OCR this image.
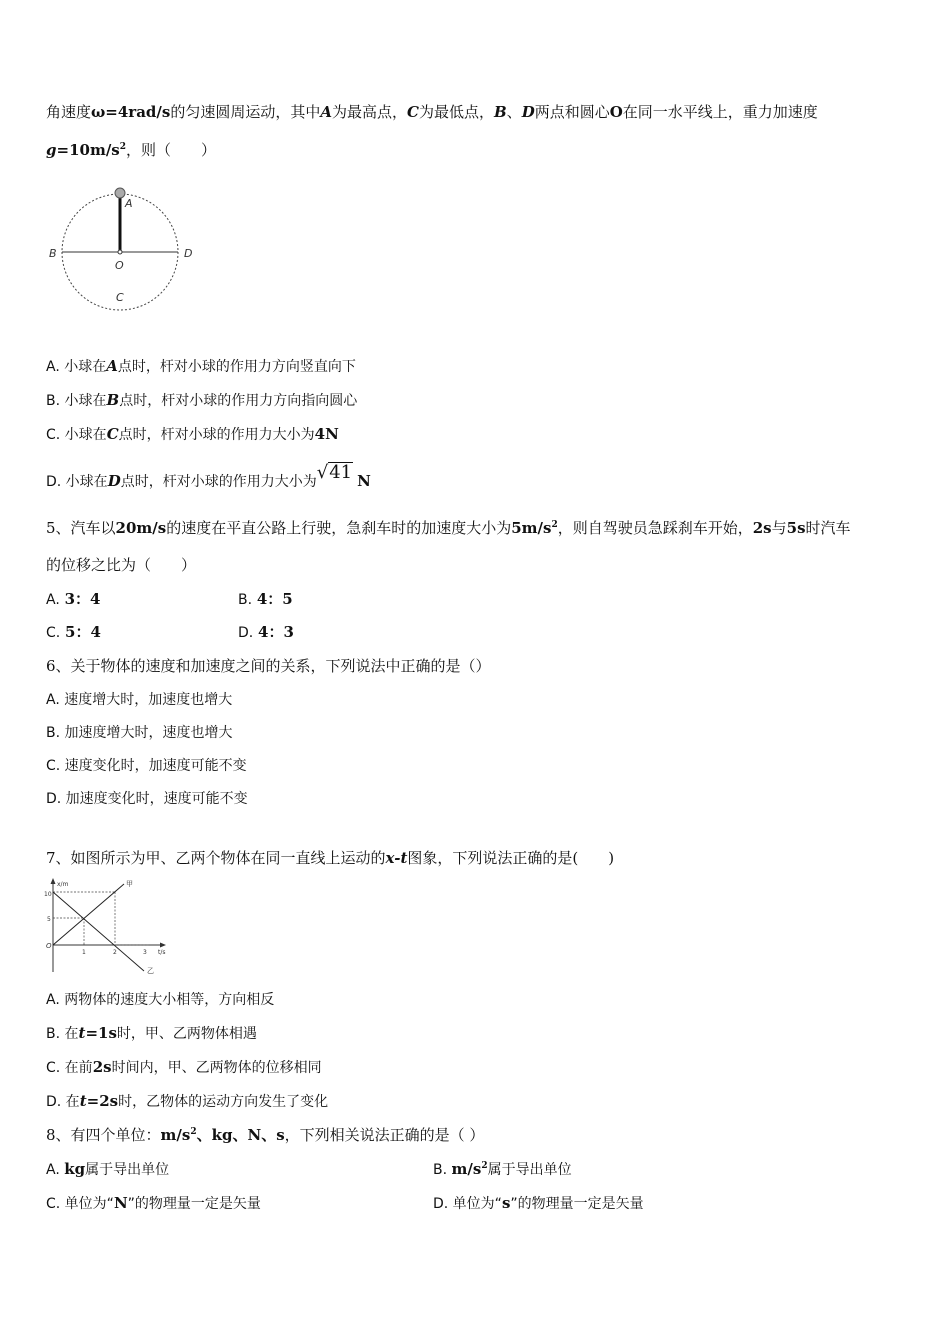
角速度ω=4rad/s的匀速圆周运动，其中A为最高点，C为最低点，B、D两点和圆心O在同一水平线上，重力加速度
$g=10m/s^2$，则（　　）
A
B	D
O
C
A. 小球在A点时，杆对小球的作用力方向竖直向下
B. 小球在B点时，杆对小球的作用力方向指向圆心
C. 小球在C点时，杆对小球的作用力大小为4N
D. 小球在D点时，杆对小球的作用力大小为√41 N
5、汽车以20m/s的速度在平直公路上行驶，急刹车时的加速度大小为$5m/s^2$，则自驾驶员急踩刹车开始，2s与5s时汽车
的位移之比为（　　）
A. 3：4	B. 4：5
C. 5：4	D. 4：3
6、关于物体的速度和加速度之间的关系，下列说法中正确的是（）
A. 速度增大时，加速度也增大
B. 加速度增大时，速度也增大
C. 速度变化时，加速度可能不变
D. 加速度变化时，速度可能不变
7、如图所示为甲、乙两个物体在同一直线上运动的x-t图象，下列说法正确的是(　　)
x/m
t/s
O
10
5
1	2	3
甲
乙
A. 两物体的速度大小相等，方向相反
B. 在t=1s时，甲、乙两物体相遇
C. 在前2s时间内，甲、乙两物体的位移相同
D. 在t=2s时，乙物体的运动方向发生了变化
8、有四个单位：$m/s^2$、kg、N、s，下列相关说法正确的是（ ）
A. kg属于导出单位	B. $m/s^2$属于导出单位
C. 单位为“N”的物理量一定是矢量	D. 单位为“s”的物理量一定是矢量
